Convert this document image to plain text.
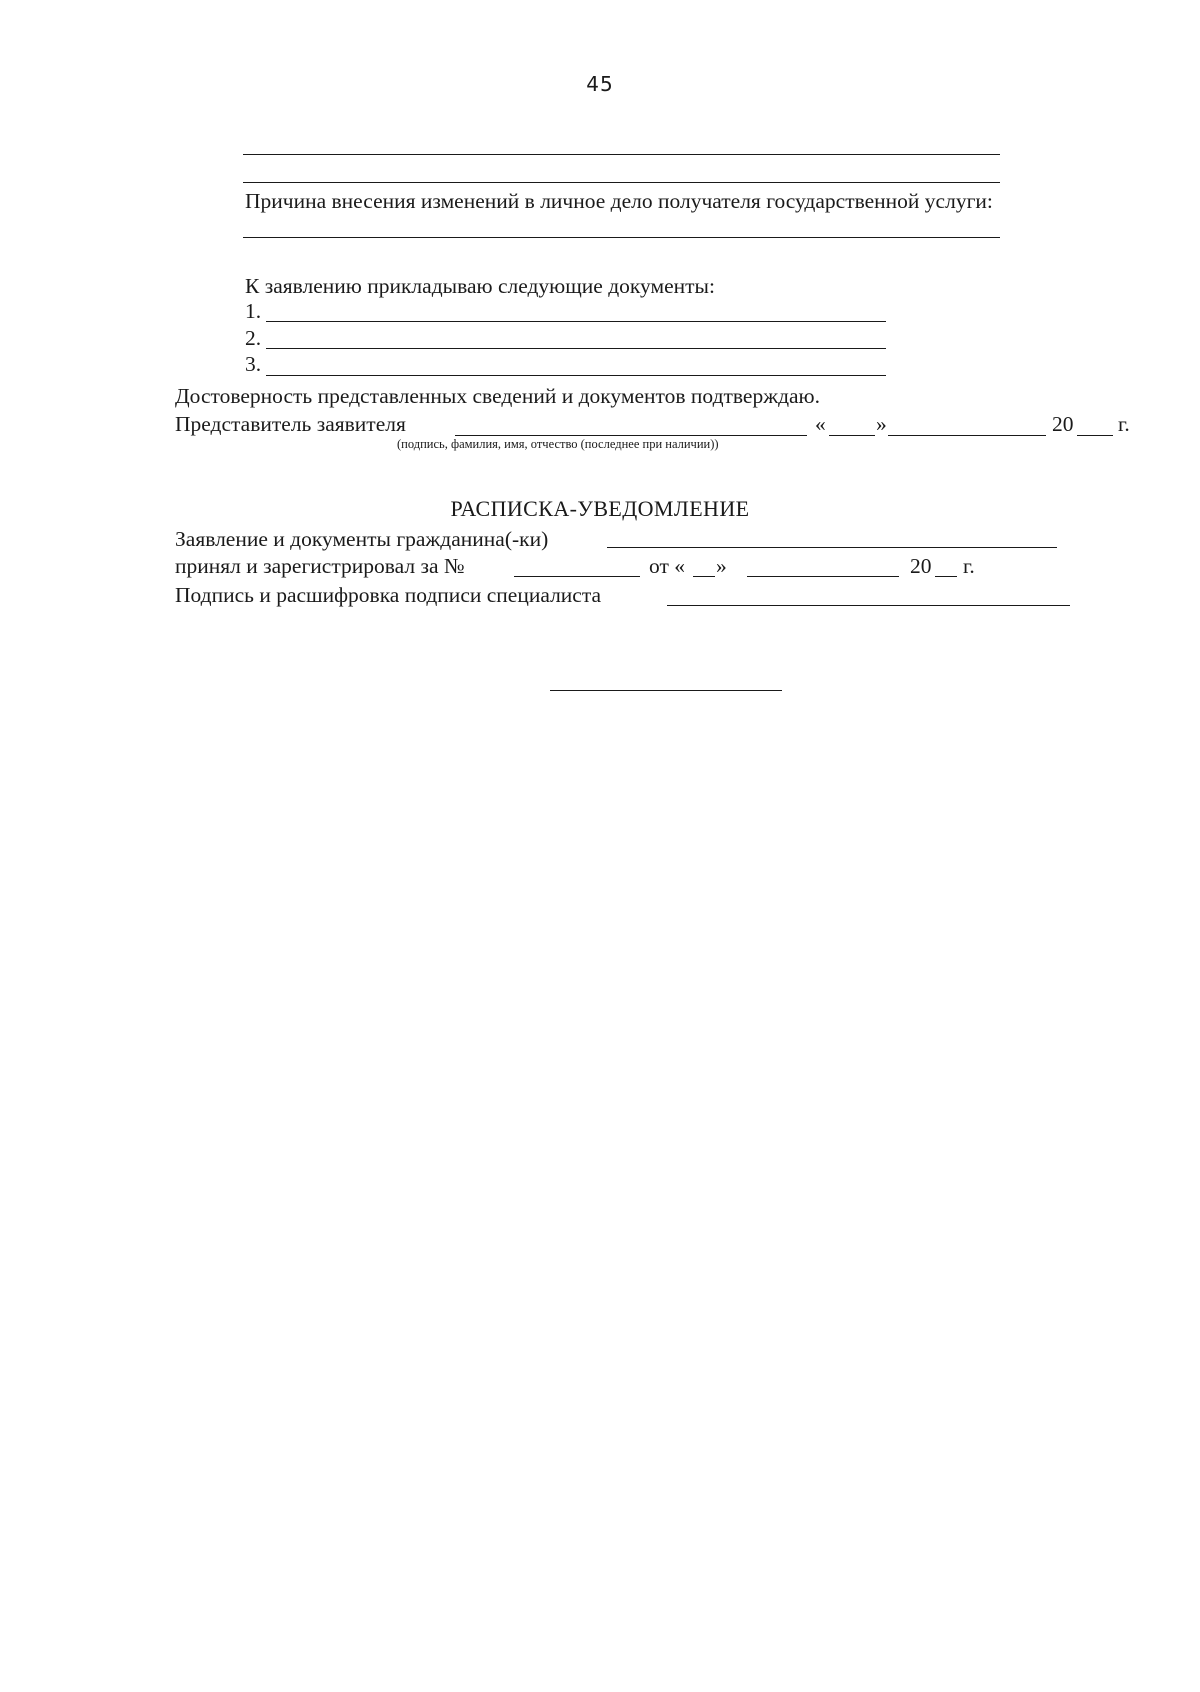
45
Причина внесения изменений в личное дело получателя государственной услуги:
К заявлению прикладываю следующие документы:
1.
2.
3.
Достоверность представленных сведений и документов подтверждаю.
Представитель заявителя
(подпись, фамилия, имя, отчество (последнее при наличии))
« »	20 г.
РАСПИСКА-УВЕДОМЛЕНИЕ
Заявление и документы гражданина(-ки)
принял и зарегистрировал за №	от « »	20 г.
Подпись и расшифровка подписи специалиста
